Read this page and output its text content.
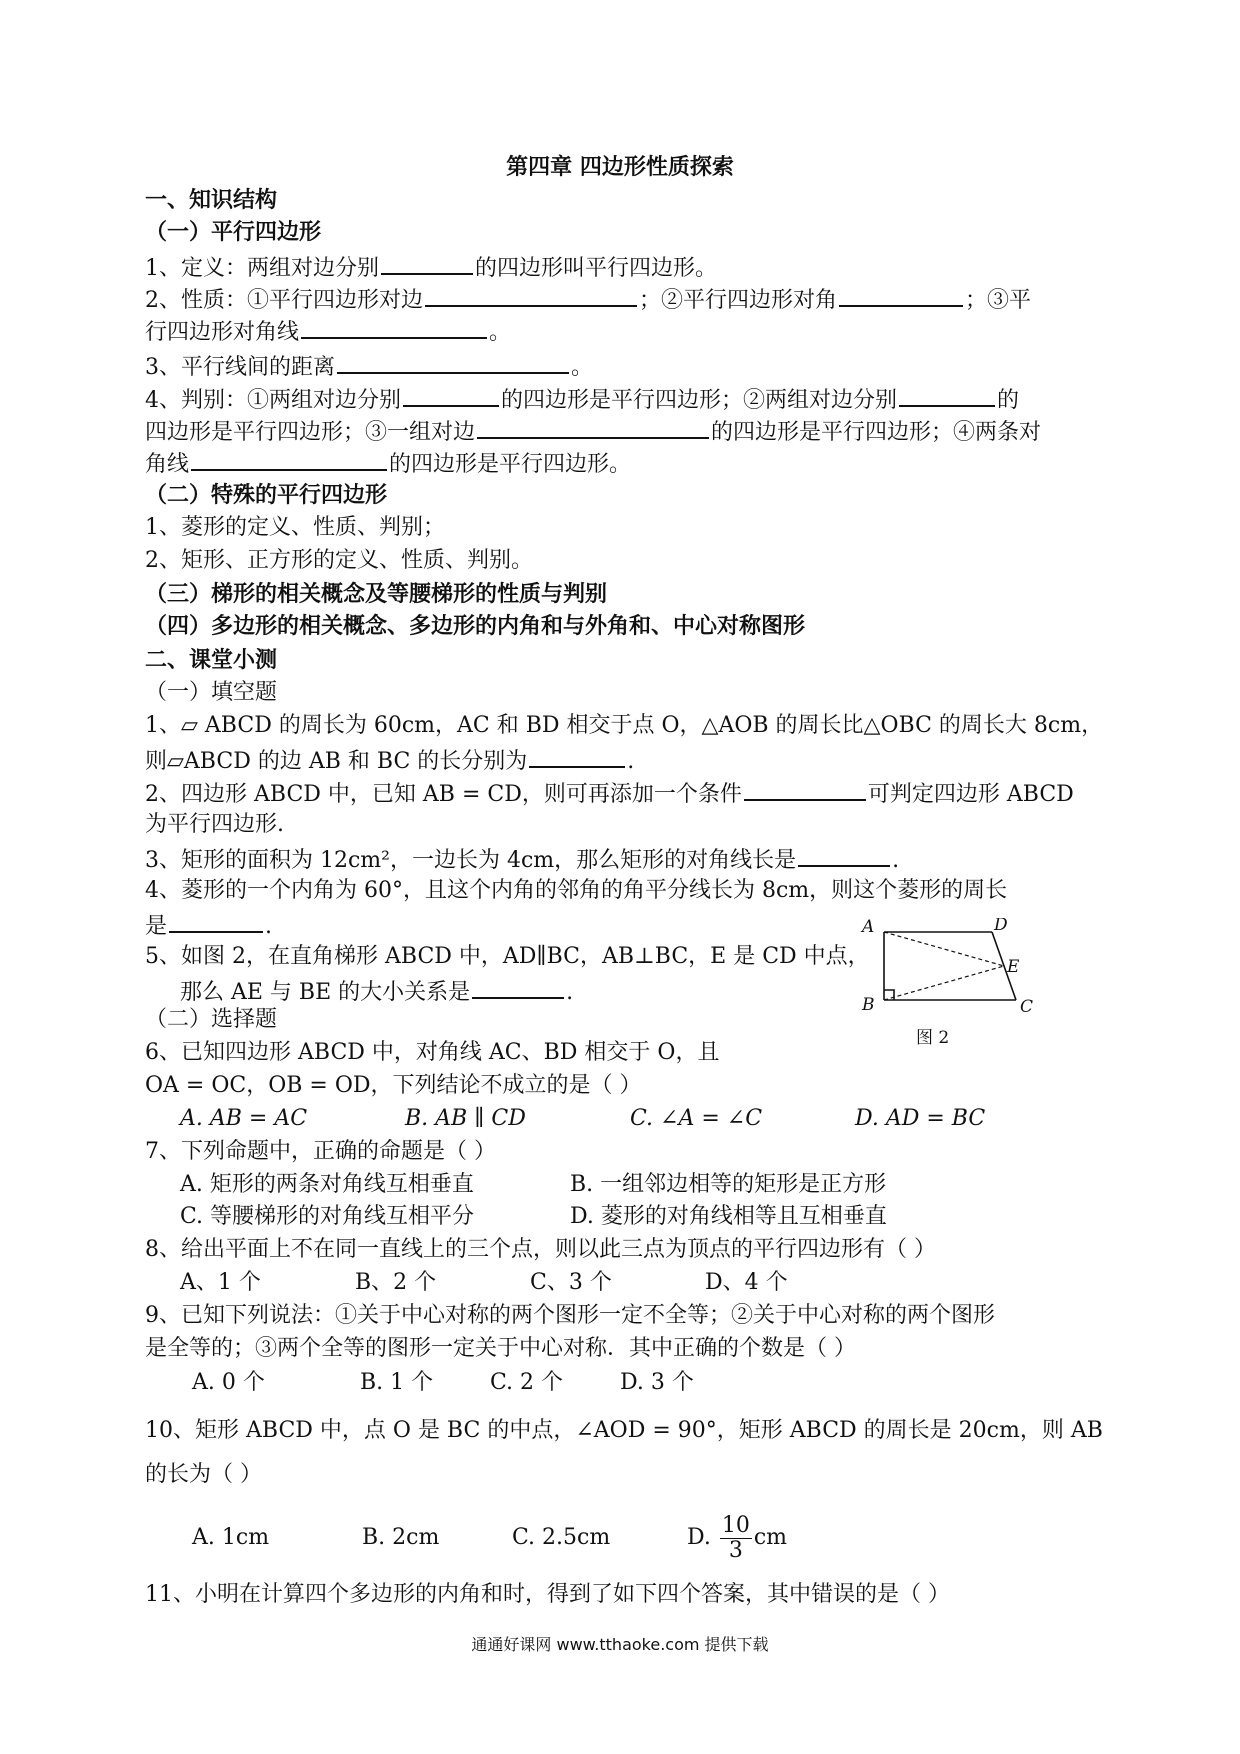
第四章 四边形性质探索
一、知识结构
（一）平行四边形
1、定义：两组对边分别	的四边形叫平行四边形。
2、性质：①平行四边形对边	；②平行四边形对角	；③平
行四边形对角线	。
3、平行线间的距离	。
4、判别：①两组对边分别	的四边形是平行四边形；②两组对边分别	的
四边形是平行四边形；③一组对边	的四边形是平行四边形；④两条对
角线	的四边形是平行四边形。
（二）特殊的平行四边形
1、菱形的定义、性质、判别；
2、矩形、正方形的定义、性质、判别。
（三）梯形的相关概念及等腰梯形的性质与判别
（四）多边形的相关概念、多边形的内角和与外角和、中心对称图形
二、课堂小测
（一）填空题
1、▱ ABCD 的周长为 60cm，AC 和 BD 相交于点 O，△AOB 的周长比△OBC 的周长大 8cm，
则▱ABCD 的边 AB 和 BC 的长分别为	.
2、四边形 ABCD 中，已知 AB = CD，则可再添加一个条件	可判定四边形 ABCD
为平行四边形.
3、矩形的面积为 12cm²，一边长为 4cm，那么矩形的对角线长是	.
4、菱形的一个内角为 60°，且这个内角的邻角的角平分线长为 8cm，则这个菱形的周长
是	.
5、如图 2，在直角梯形 ABCD 中，AD∥BC，AB⊥BC，E 是 CD 中点，
那么 AE 与 BE 的大小关系是	.
A	D
E
B	C
图 2
（二）选择题
6、已知四边形 ABCD 中，对角线 AC、BD 相交于 O，且
OA = OC，OB = OD，下列结论不成立的是（ ）
A. AB = AC	B. AB ∥ CD	C. ∠A = ∠C	D. AD = BC
7、下列命题中，正确的命题是（ ）
A. 矩形的两条对角线互相垂直	B. 一组邻边相等的矩形是正方形
C. 等腰梯形的对角线互相平分	D. 菱形的对角线相等且互相垂直
8、给出平面上不在同一直线上的三个点，则以此三点为顶点的平行四边形有（ ）
A、1 个	B、2 个	C、3 个	D、4 个
9、已知下列说法：①关于中心对称的两个图形一定不全等；②关于中心对称的两个图形
是全等的；③两个全等的图形一定关于中心对称．其中正确的个数是（ ）
A. 0 个	B. 1 个	C. 2 个	D. 3 个
10、矩形 ABCD 中，点 O 是 BC 的中点，∠AOD = 90°，矩形 ABCD 的周长是 20cm，则 AB
的长为（ ）
A. 1cm	B. 2cm	C. 2.5cm	D. $\frac{10}{3}$ cm
11、小明在计算四个多边形的内角和时，得到了如下四个答案，其中错误的是（ ）
通通好课网 www.tthaoke.com 提供下载
